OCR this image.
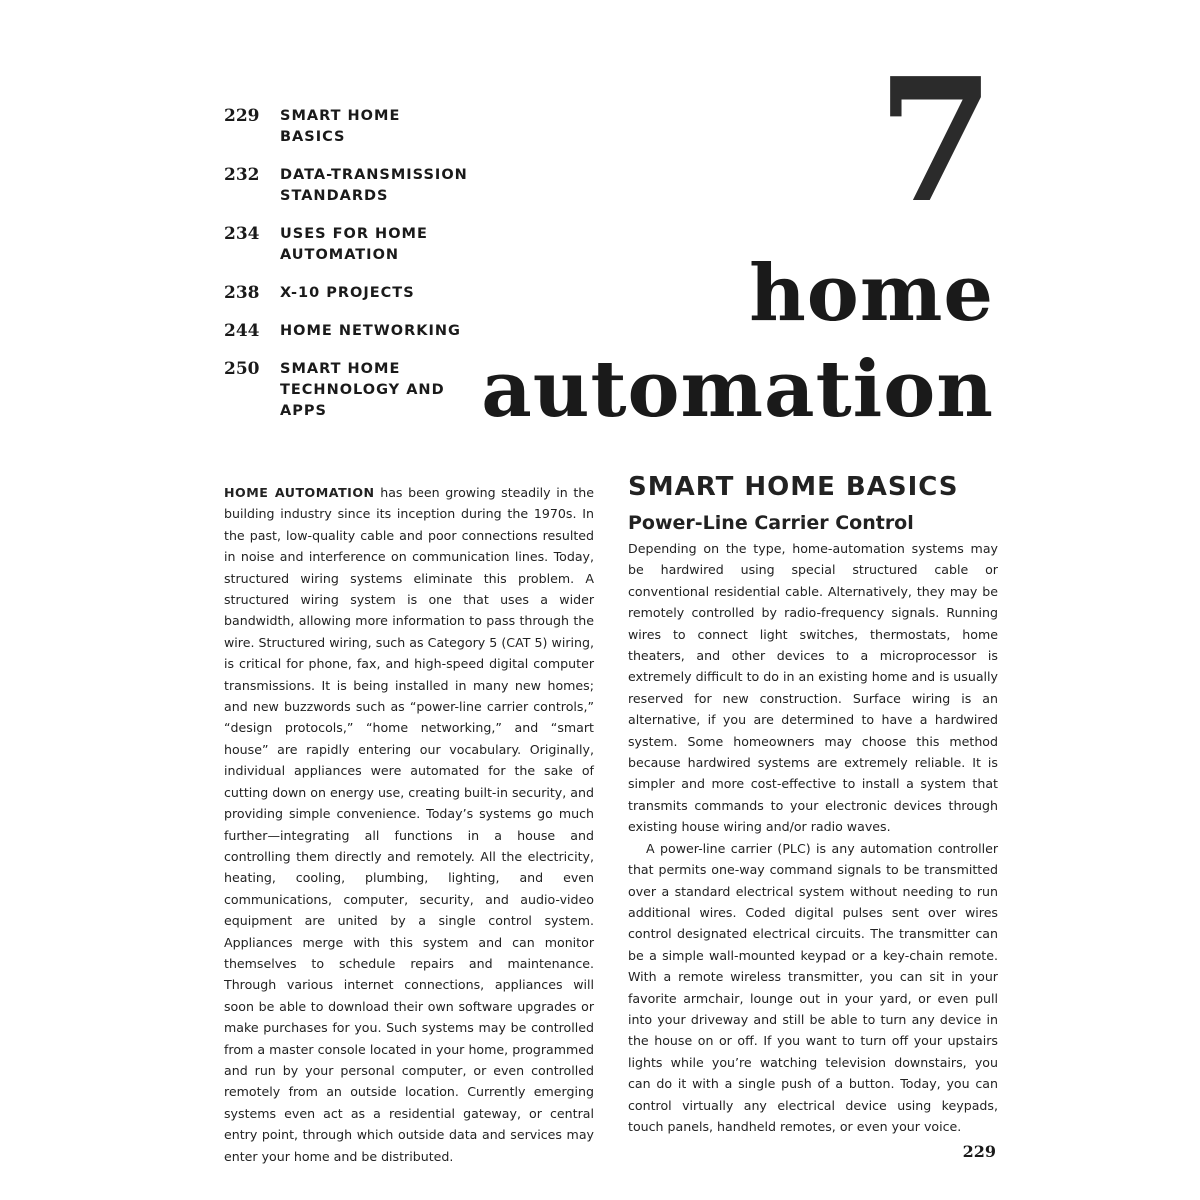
229	SMART HOME BASICS
232	DATA-TRANSMISSION STANDARDS
234	USES FOR HOME AUTOMATION
238	X-10 PROJECTS
244	HOME NETWORKING
250	SMART HOME TECHNOLOGY AND APPS
7
home
automation

HOME AUTOMATION has been growing steadily in the building industry since its inception during the 1970s. In the past, low-quality cable and poor connections resulted in noise and interference on communication lines. Today, structured wiring systems eliminate this problem. A structured wiring system is one that uses a wider bandwidth, allowing more information to pass through the wire. Structured wiring, such as Category 5 (CAT 5) wiring, is critical for phone, fax, and high-speed digital computer transmissions. It is being installed in many new homes; and new buzzwords such as “power-line carrier controls,” “design protocols,” “home networking,” and “smart house” are rapidly entering our vocabulary. Originally, individual appliances were automated for the sake of cutting down on energy use, creating built-in security, and providing simple convenience. Today’s systems go much further—integrating all functions in a house and controlling them directly and remotely. All the electricity, heating, cooling, plumbing, lighting, and even communications, computer, security, and audio-video equipment are united by a single control system. Appliances merge with this system and can monitor themselves to schedule repairs and maintenance. Through various internet connections, appliances will soon be able to download their own software upgrades or make purchases for you. Such systems may be controlled from a master console located in your home, programmed and run by your personal computer, or even controlled remotely from an outside location. Currently emerging systems even act as a residential gateway, or central entry point, through which outside data and services may enter your home and be distributed.

SMART HOME BASICS
Power-Line Carrier Control

Depending on the type, home-automation systems may be hardwired using special structured cable or conventional residential cable. Alternatively, they may be remotely controlled by radio-frequency signals. Running wires to connect light switches, thermostats, home theaters, and other devices to a microprocessor is extremely difficult to do in an existing home and is usually reserved for new construction. Surface wiring is an alternative, if you are determined to have a hardwired system. Some homeowners may choose this method because hardwired systems are extremely reliable. It is simpler and more cost-effective to install a system that transmits commands to your electronic devices through existing house wiring and/or radio waves.

A power-line carrier (PLC) is any automation controller that permits one-way command signals to be transmitted over a standard electrical system without needing to run additional wires. Coded digital pulses sent over wires control designated electrical circuits. The transmitter can be a simple wall-mounted keypad or a key-chain remote. With a remote wireless transmitter, you can sit in your favorite armchair, lounge out in your yard, or even pull into your driveway and still be able to turn any device in the house on or off. If you want to turn off your upstairs lights while you’re watching television downstairs, you can do it with a single push of a button. Today, you can control virtually any electrical device using keypads, touch panels, handheld remotes, or even your voice.

229
